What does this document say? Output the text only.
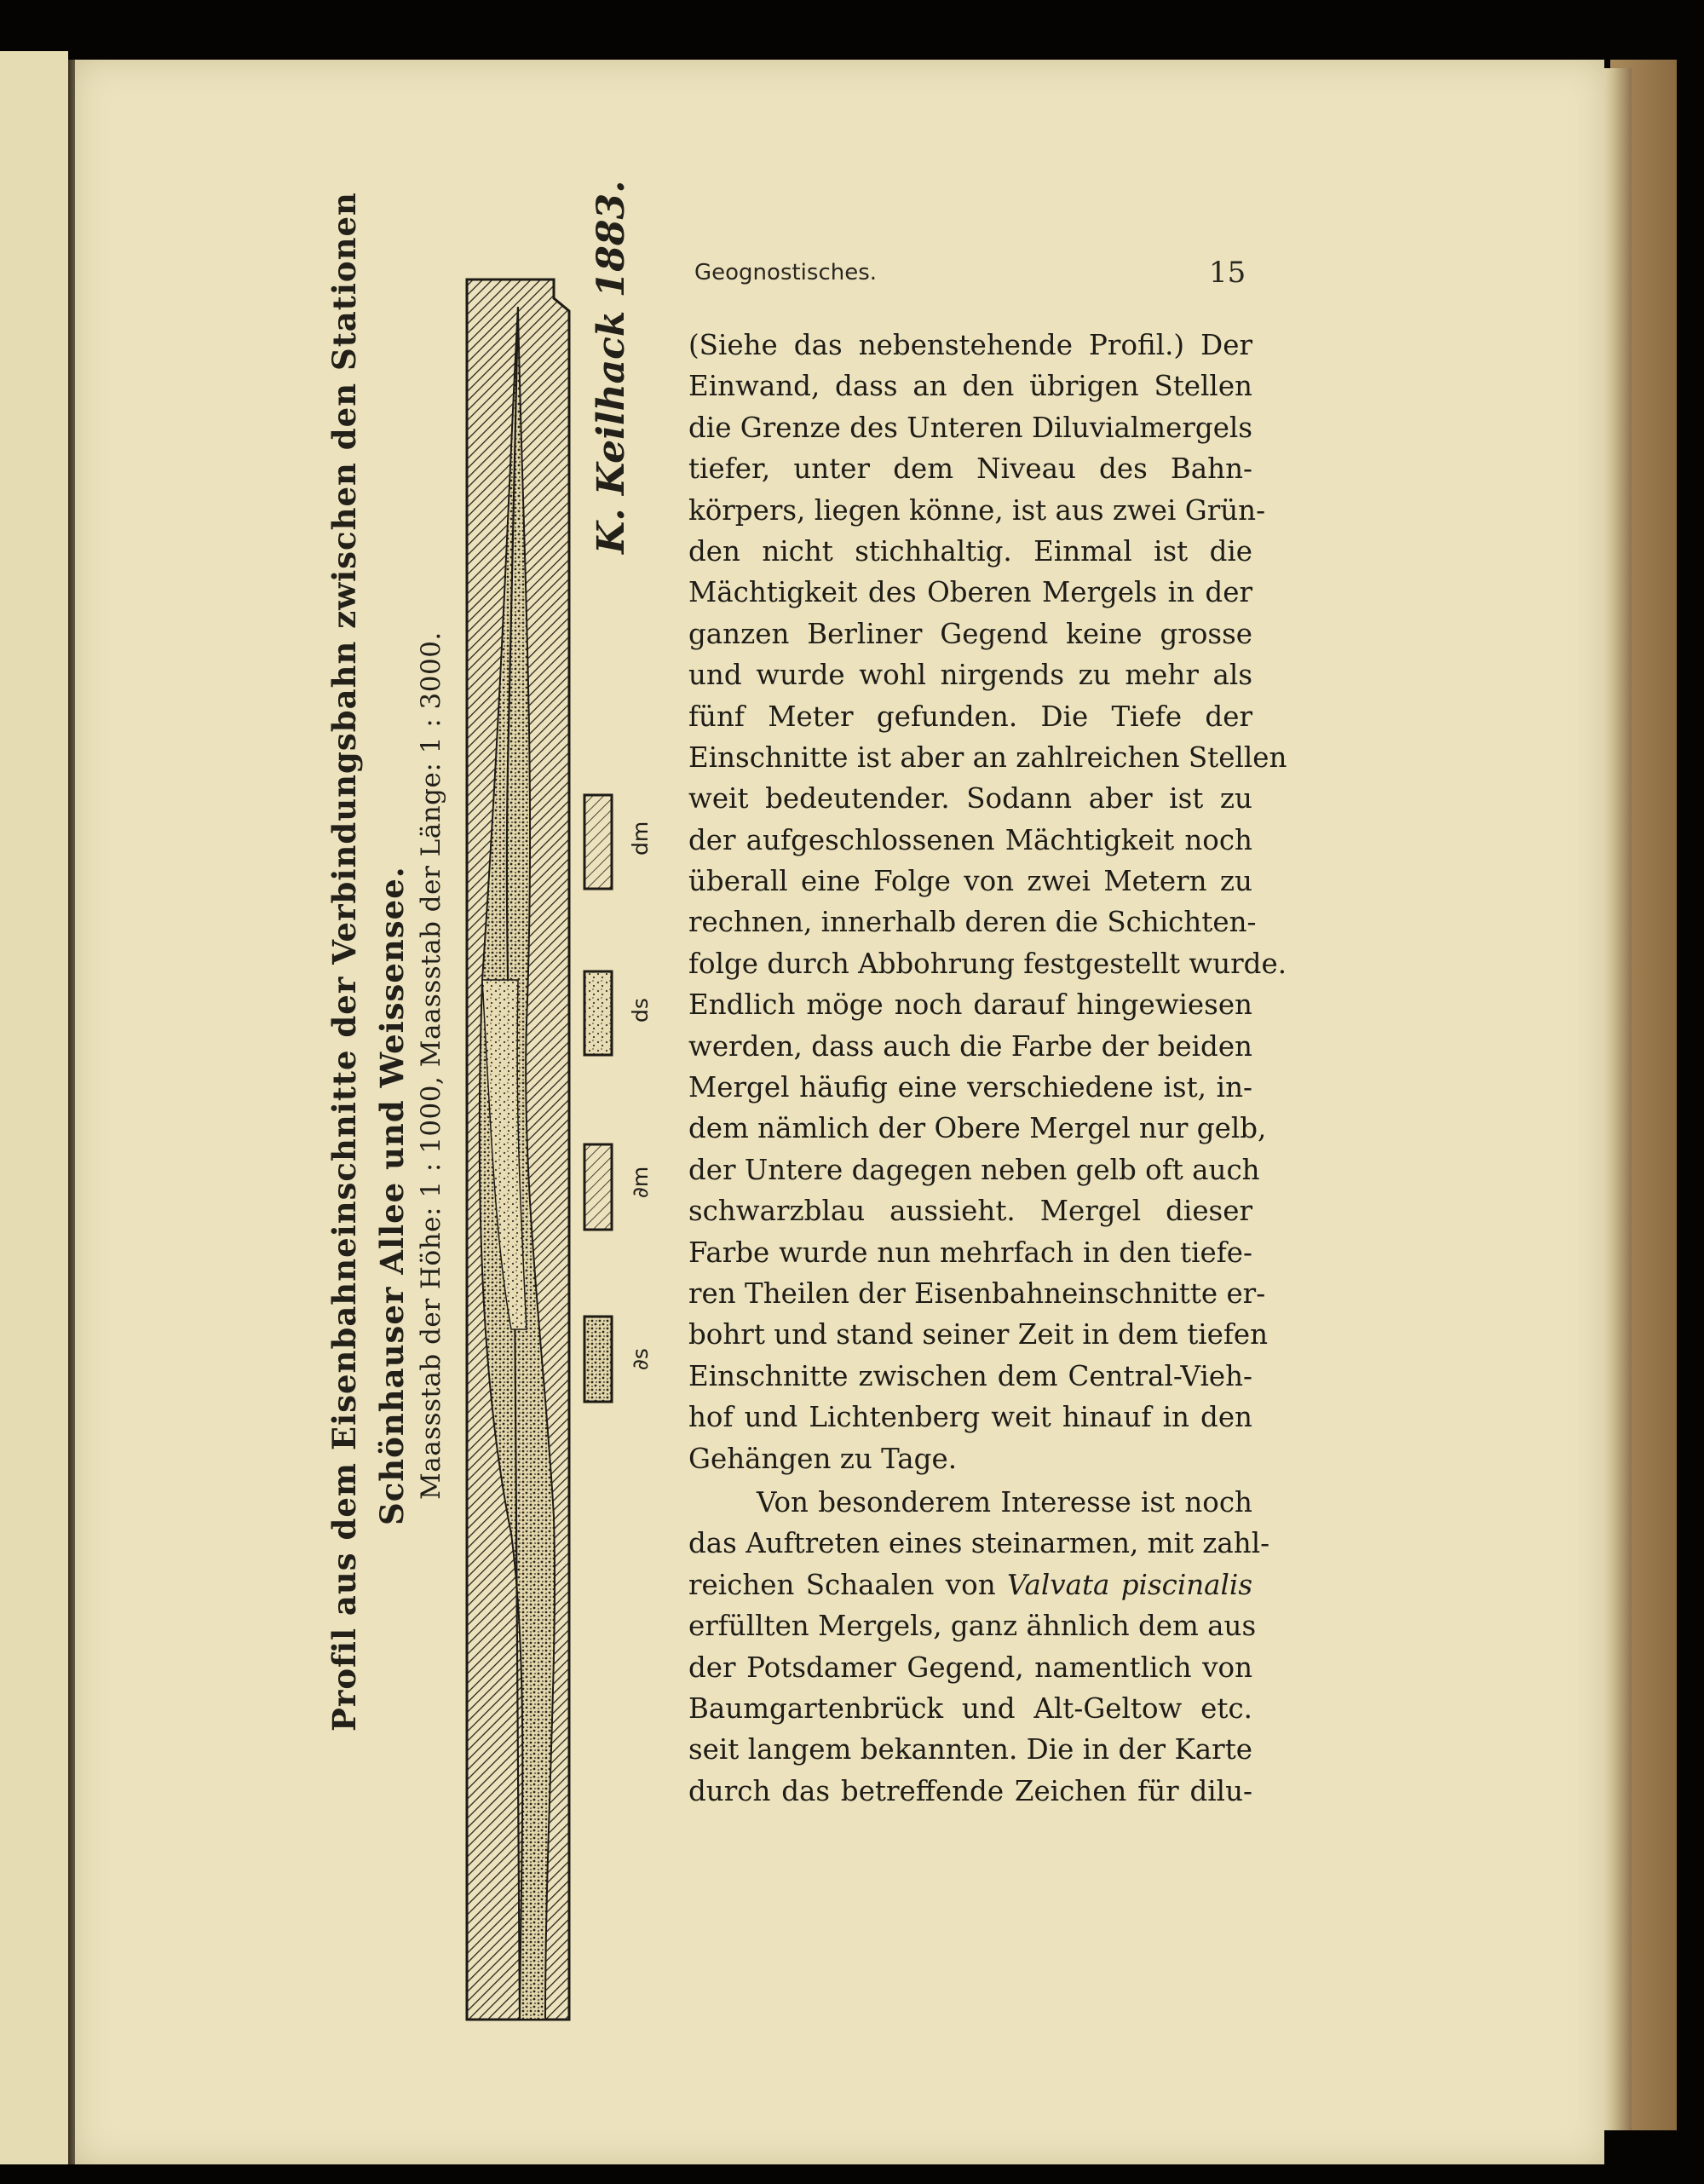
dm
ds
∂m
∂s
Profil aus dem Eisenbahneinschnitte der Verbindungsbahn zwischen den Stationen Schönhauser Allee und Weissensee. Maassstab der Höhe: 1 : 1000, Maassstab der Länge: 1 : 3000.
K. Keilhack 1883.	Geognostisches.	15
(Siehe das nebenstehende Profil.) Der
Einwand, dass an den übrigen Stellen
die Grenze des Unteren Diluvialmergels
tiefer, unter dem Niveau des Bahn-
körpers, liegen könne, ist aus zwei Grün-
den nicht stichhaltig. Einmal ist die
Mächtigkeit des Oberen Mergels in der
ganzen Berliner Gegend keine grosse
und wurde wohl nirgends zu mehr als
fünf Meter gefunden. Die Tiefe der
Einschnitte ist aber an zahlreichen Stellen
weit bedeutender. Sodann aber ist zu
der aufgeschlossenen Mächtigkeit noch
überall eine Folge von zwei Metern zu
rechnen, innerhalb deren die Schichten-
folge durch Abbohrung festgestellt wurde.
Endlich möge noch darauf hingewiesen
werden, dass auch die Farbe der beiden
Mergel häufig eine verschiedene ist, in-
dem nämlich der Obere Mergel nur gelb,
der Untere dagegen neben gelb oft auch
schwarzblau aussieht. Mergel dieser
Farbe wurde nun mehrfach in den tiefe-
ren Theilen der Eisenbahneinschnitte er-
bohrt und stand seiner Zeit in dem tiefen
Einschnitte zwischen dem Central-Vieh-
hof und Lichtenberg weit hinauf in den
Gehängen zu Tage.
Von besonderem Interesse ist noch
das Auftreten eines steinarmen, mit zahl-
reichen Schaalen von Valvata piscinalis
erfüllten Mergels, ganz ähnlich dem aus
der Potsdamer Gegend, namentlich von
Baumgartenbrück und Alt-Geltow etc.
seit langem bekannten. Die in der Karte
durch das betreffende Zeichen für dilu-
